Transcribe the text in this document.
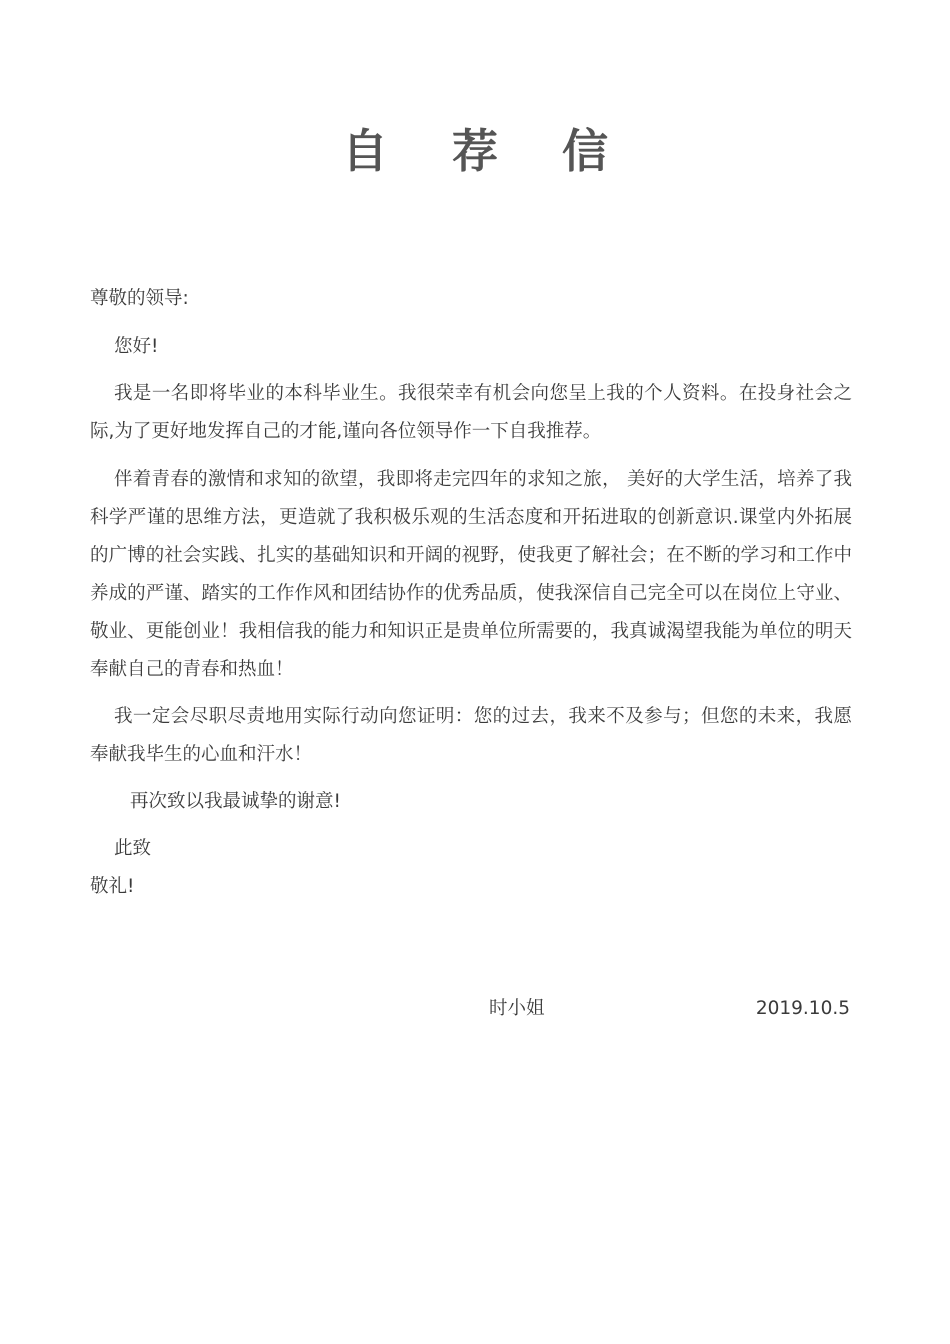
自 荐 信

尊敬的领导:

您好!

我是一名即将毕业的本科毕业生。我很荣幸有机会向您呈上我的个人资料。在投身社会之际,为了更好地发挥自己的才能,谨向各位领导作一下自我推荐。

伴着青春的激情和求知的欲望，我即将走完四年的求知之旅， 美好的大学生活，培养了我科学严谨的思维方法，更造就了我积极乐观的生活态度和开拓进取的创新意识.课堂内外拓展的广博的社会实践、扎实的基础知识和开阔的视野，使我更了解社会；在不断的学习和工作中养成的严谨、踏实的工作作风和团结协作的优秀品质，使我深信自己完全可以在岗位上守业、敬业、更能创业！我相信我的能力和知识正是贵单位所需要的，我真诚渴望我能为单位的明天奉献自己的青春和热血！

我一定会尽职尽责地用实际行动向您证明：您的过去，我来不及参与；但您的未来，我愿奉献我毕生的心血和汗水！

再次致以我最诚挚的谢意!

此致

敬礼!

时小姐	2019.10.5
